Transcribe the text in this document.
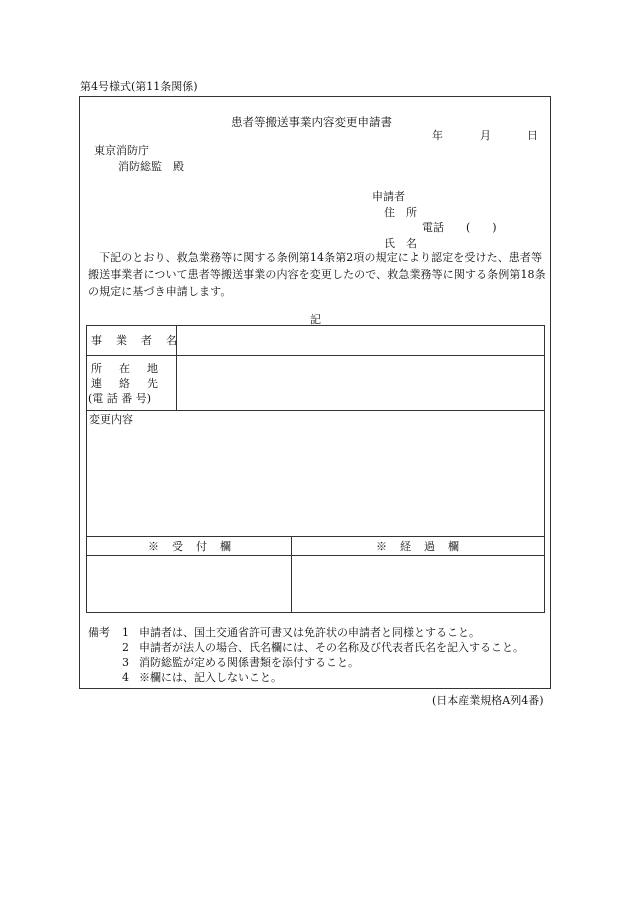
第4号様式(第11条関係)
患者等搬送事業内容変更申請書
年	月	日
東京消防庁
消防総監　殿
申請者
住　所
電話 (　　)
氏　名

下記のとおり、救急業務等に関する条例第14条第2項の規定により認定を受けた、患者等搬送事業者について患者等搬送事業の内容を変更したので、救急業務等に関する条例第18条の規定に基づき申請します。

記
事　業　者　名
所　在　地
連　絡　先
(電 話 番 号)
変更内容
※　受　付　欄	※　経　過　欄
備考 1 申請者は、国土交通省許可書又は免許状の申請者と同様とすること。
2 申請者が法人の場合、氏名欄には、その名称及び代表者氏名を記入すること。
3 消防総監が定める関係書類を添付すること。
4 ※欄には、記入しないこと。
(日本産業規格A列4番)
